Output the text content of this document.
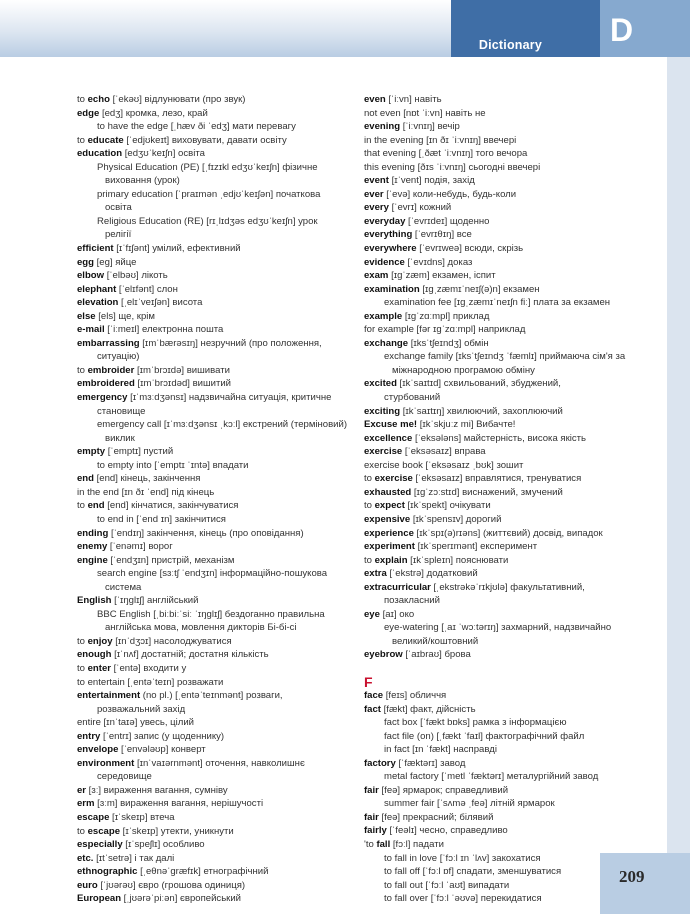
Dictionary D
to echo [ˈekəʊ] відлунювати (про звук)
edge [edʒ] кромка, лезо, край
to have the edge [ˌhæv ði ˈedʒ] мати перевагу
to educate [ˈedjʊkeɪt] виховувати, давати освіту
education [edʒʊˈkeɪʃn] освіта
Physical Education (PE) [ˌfɪzɪkl edʒʊˈkeɪʃn] фізичне
виховання (урок)
primary education [ˈpraɪmən ˌedjʊˈkeɪʃən] початкова
освіта
Religious Education (RE) [rɪˌlɪdʒəs edʒʊˈkeɪʃn] урок
релігії
efficient [ɪˈfɪʃənt] умілий, ефективний
egg [eg] яйце
elbow [ˈelbəʊ] лікоть
elephant [ˈelɪfənt] слон
elevation [ˌelɪˈveɪʃən] висота
else [els] ще, крім
e-mail [ˈiːmeɪl] електронна пошта
embarrassing [ɪmˈbærəsɪŋ] незручний (про положення,
ситуацію)
to embroider [ɪmˈbrɔɪdə] вишивати
embroidered [ɪmˈbrɔɪdəd] вишитий
emergency [ɪˈmɜːdʒənsɪ] надзвичайна ситуація, критичне
становище
emergency call [ɪˈmɜːdʒənsɪ ˌkɔːl] екстрений (терміновий)
виклик
empty [ˈemptɪ] пустий
to empty into [ˈemptɪ ˈɪntə] впадати
end [end] кінець, закінчення
in the end [ɪn ðɪ ˈend] під кінець
to end [end] кінчатися, закінчуватися
to end in [ˈend ɪn] закінчитися
ending [ˈendɪŋ] закінчення, кінець (про оповідання)
enemy [ˈenəmɪ] ворог
engine [ˈendʒɪn] пристрій, механізм
search engine [sɜːtʃ ˈendʒɪn] інформаційно-пошукова
система
English [ˈɪŋglɪʃ] англійський
BBC English [ˌbiːbiːˈsiː ˈɪŋglɪʃ] бездоганно правильна
англійська мова, мовлення дикторів Бі-бі-сі
to enjoy [ɪnˈdʒɔɪ] насолоджуватися
enough [ɪˈnʌf] достатній; достатня кількість
to enter [ˈentə] входити у
to entertain [ˌentəˈteɪn] розважати
entertainment (no pl.) [ˌentəˈteɪnmənt] розваги,
розважальний захід
entire [ɪnˈtaɪə] увесь, цілий
entry [ˈentrɪ] запис (у щоденнику)
envelope [ˈenvələʊp] конверт
environment [ɪnˈvaɪərnmənt] оточення, навколишнє
середовище
er [ɜː] вираження вагання, сумніву
erm [ɜːm] вираження вагання, нерішучості
escape [ɪˈskeɪp] втеча
to escape [ɪˈskeɪp] утекти, уникнути
especially [ɪˈspeʃlɪ] особливо
etc. [ɪtˈsetrə] і так далі
ethnographic [ˌeθnəˈgræfɪk] етнографічний
euro [ˈjʊərəʊ] євро (грошова одиниця)
European [ˌjʊərəˈpiːən] європейський
even [ˈiːvn] навіть
not even [nɒt ˈiːvn] навіть не
evening [ˈiːvnɪŋ] вечір
in the evening [ɪn ðɪ ˈiːvnɪŋ] ввечері
that evening [ˌðæt ˈiːvnɪŋ] того вечора
this evening [ðɪs ˈiːvnɪŋ] сьогодні ввечері
event [ɪˈvent] подія, захід
ever [ˈevə] коли-небудь, будь-коли
every [ˈevrɪ] кожний
everyday [ˈevrɪdeɪ] щоденно
everything [ˈevrɪθɪŋ] все
everywhere [ˈevrɪweə] всюди, скрізь
evidence [ˈevɪdns] доказ
exam [ɪgˈzæm] екзамен, іспит
examination [ɪgˌzæmɪˈneɪʃ(ə)n] екзамен
examination fee [ɪgˌzæmɪˈneɪʃn fiː] плата за екзамен
example [ɪgˈzɑːmpl] приклад
for example [fər ɪgˈzɑːmpl] наприклад
exchange [ɪksˈtʃeɪndʒ] обмін
exchange family [ɪksˈtʃeɪndʒ ˈfæmlɪ] приймаюча сім'я за
міжнародною програмою обміну
excited [ɪkˈsaɪtɪd] схвильований, збуджений,
стурбований
exciting [ɪkˈsaɪtɪŋ] хвилюючий, захоплюючий
Excuse me! [ɪkˈskjuːz mi] Вибачте!
excellence [ˈeksələns] майстерність, висока якість
exercise [ˈeksəsaɪz] вправа
exercise book [ˈeksəsaɪz ˌbʊk] зошит
to exercise [ˈeksəsaɪz] вправлятися, тренуватися
exhausted [ɪgˈzɔːstɪd] виснажений, змучений
to expect [ɪkˈspekt] очікувати
expensive [ɪkˈspensɪv] дорогий
experience [ɪkˈspɪ(ə)rɪəns] (життєвий) досвід, випадок
experiment [ɪkˈsperɪmənt] експеримент
to explain [ɪkˈspleɪn] пояснювати
extra [ˈekstrə] додатковий
extracurricular [ˌekstrəkəˈrɪkjʊlə] факультативний,
позакласний
eye [aɪ] око
eye-watering [ˌaɪ ˈwɔːtərɪŋ] захмарний, надзвичайно
великий/коштовний
eyebrow [ˈaɪbraʊ] брова
F
face [feɪs] обличчя
fact [fækt] факт, дійсність
fact box [ˈfækt bɒks] рамка з інформацією
fact file (on) [ˌfækt ˈfaɪl] фактографічний файл
in fact [ɪn ˈfækt] насправді
factory [ˈfæktərɪ] завод
metal factory [ˈmetl ˈfæktərɪ] металургійний завод
fair [feə] ярмарок; справедливий
summer fair [ˈsʌmə ˌfeə] літній ярмарок
fair [feə] прекрасний; білявий
fairly [ˈfeəlɪ] чесно, справедливо
'to fall [fɔːl] падати
to fall in love [ˈfɔːl ɪn ˈlʌv] закохатися
to fall off [ˈfɔːl ɒf] спадати, зменшуватися
to fall out [ˈfɔːl ˈaʊt] випадати
to fall over [ˈfɔːl ˈəʊvə] перекидатися
209
